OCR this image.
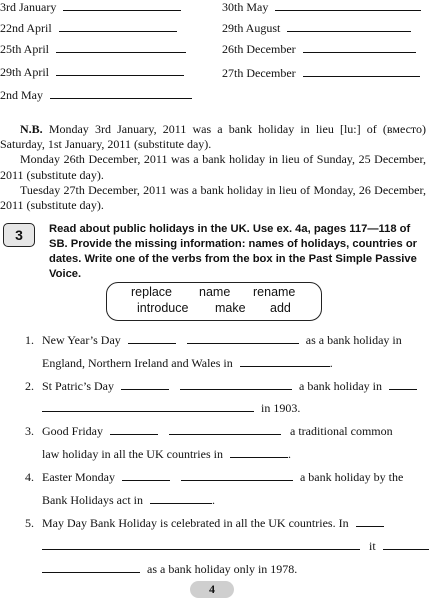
3rd January
22nd April
25th April
29th April
2nd May
30th May
29th August
26th December
27th December

N.B. Monday 3rd January, 2011 was a bank holiday in lieu [lu:] of (вместо) Saturday, 1st January, 2011 (substitute day).

Monday 26th December, 2011 was a bank holiday in lieu of Sunday, 25 December, 2011 (substitute day).

Tuesday 27th December, 2011 was a bank holiday in lieu of Monday, 26 December, 2011 (substitute day).

3	Read about public holidays in the UK. Use ex. 4a, pages 117—118 of SB. Provide the missing information: names of holidays, countries or dates. Write one of the verbs from the box in the Past Simple Passive Voice.
replace name rename
introduce make add
1. New Year’s Day	as a bank holiday in
England, Northern Ireland and Wales in	.
2. St Patric’s Day	a bank holiday in
in 1903.
3. Good Friday	a traditional common
law holiday in all the UK countries in	.
4. Easter Monday	a bank holiday by the
Bank Holidays act in	.
5. May Day Bank Holiday is celebrated in all the UK countries. In
it
as a bank holiday only in 1978.
4
